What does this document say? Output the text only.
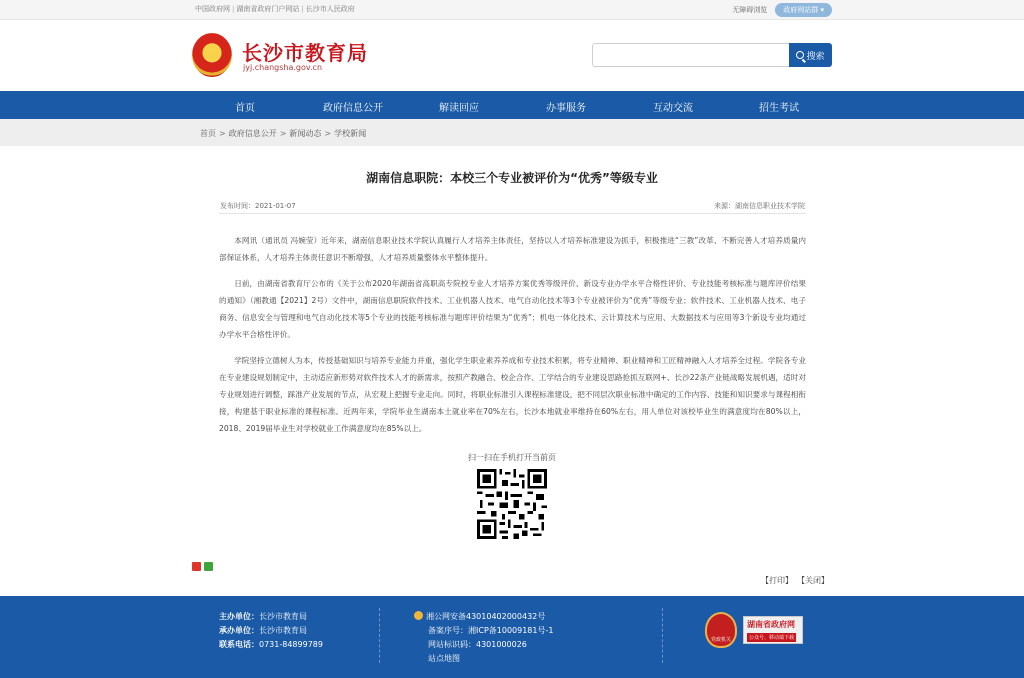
中国政府网 | 湖南省政府门户网站 | 长沙市人民政府	无障碍浏览	政府网站群 ▾
★ 长沙市教育局
jyj.changsha.gov.cn
搜索
首页	政府信息公开	解读回应	办事服务	互动交流	招生考试
首页 > 政府信息公开 > 新闻动态 > 学校新闻
湖南信息职院：本校三个专业被评价为“优秀”等级专业
发布时间：2021-01-07	来源：湖南信息职业技术学院

本网讯（通讯员 冯婉莹）近年来，湖南信息职业技术学院认真履行人才培养主体责任，坚持以人才培养标准建设为抓手，积极推进“三教”改革、不断完善人才培养质量内部保证体系，人才培养主体责任意识不断增强，人才培养质量整体水平整体提升。

日前，由湖南省教育厅公布的《关于公布2020年湖南省高职高专院校专业人才培养方案优秀等级评价、新设专业办学水平合格性评价、专业技能考核标准与题库评价结果的通知》（湘教通【2021】2号）文件中，湖南信息职院软件技术、工业机器人技术、电气自动化技术等3个专业被评价为“优秀”等级专业；软件技术、工业机器人技术、电子商务、信息安全与管理和电气自动化技术等5个专业的技能考核标准与题库评价结果为“优秀”；机电一体化技术、云计算技术与应用、大数据技术与应用等3个新设专业均通过办学水平合格性评价。

学院坚持立德树人为本，传授基础知识与培养专业能力并重，强化学生职业素养养成和专业技术积累，将专业精神、职业精神和工匠精神融入人才培养全过程。学院各专业在专业建设规划制定中，主动适应新形势对软件技术人才的新需求，按照产教融合、校企合作、工学结合的专业建设思路抢抓互联网+、长沙22条产业链战略发展机遇，适时对专业规划进行调整，踩准产业发展的节点，从宏观上把握专业走向。同时，将职业标准引入课程标准建设，把不同层次职业标准中确定的工作内容、技能和知识要求与课程相衔接，构建基于职业标准的课程标准。近两年来，学院毕业生湖南本土就业率在70%左右，长沙本地就业率维持在60%左右，用人单位对该校毕业生的满意度均在80%以上，2018、2019届毕业生对学校就业工作满意度均在85%以上。

扫一扫在手机打开当前页
【打印】 【关闭】
主办单位：长沙市教育局
承办单位：长沙市教育局
联系电话：0731-84899789
湘公网安备43010402000432号
备案序号：湘ICP备10009181号-1
网站标识码：4301000026
站点地图
党政机关
湖南省政府网
公众号、移动端下载
